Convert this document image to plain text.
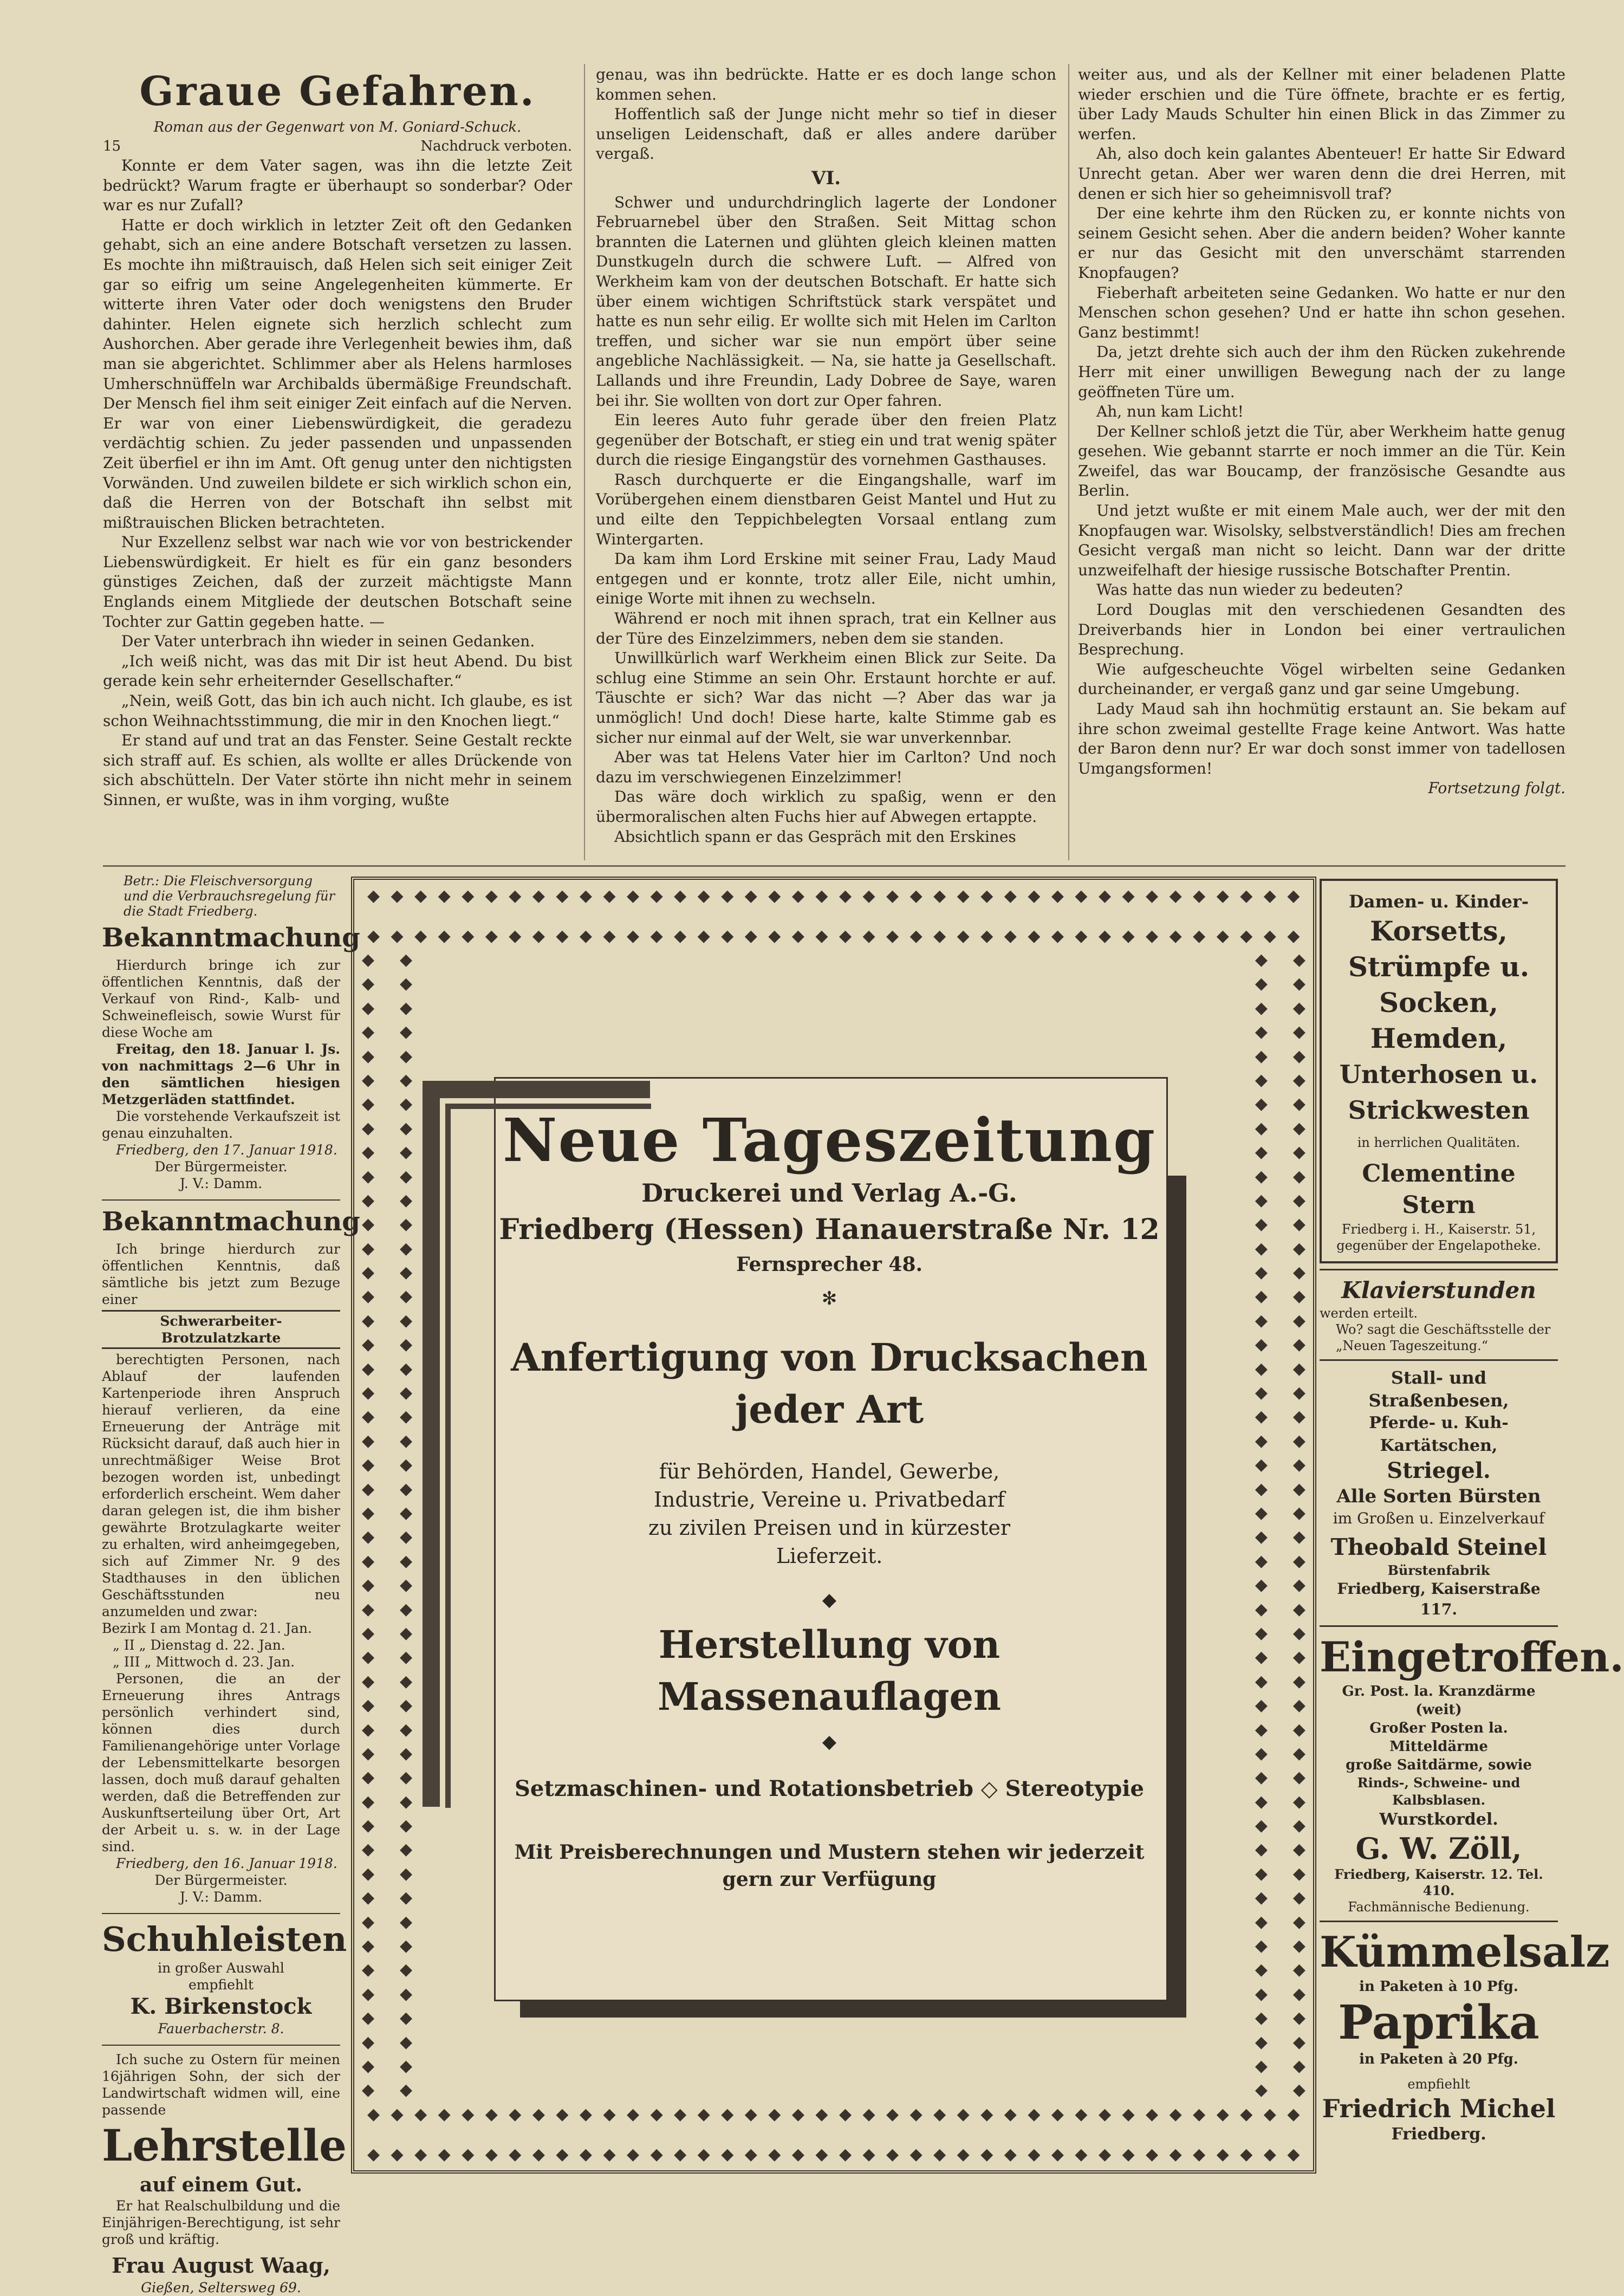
Graue Gefahren.
Roman aus der Gegenwart von M. Goniard-Schuck.
15	Nachdruck verboten.

Konnte er dem Vater sagen, was ihn die letzte Zeit bedrückt? Warum fragte er überhaupt so sonderbar? Oder war es nur Zufall?

Hatte er doch wirklich in letzter Zeit oft den Gedanken gehabt, sich an eine andere Botschaft versetzen zu lassen. Es mochte ihn mißtrauisch, daß Helen sich seit einiger Zeit gar so eifrig um seine Angelegenheiten kümmerte. Er witterte ihren Vater oder doch wenigstens den Bruder dahinter. Helen eignete sich herzlich schlecht zum Aushorchen. Aber gerade ihre Verlegenheit bewies ihm, daß man sie abgerichtet. Schlimmer aber als Helens harmloses Umherschnüffeln war Archibalds übermäßige Freundschaft. Der Mensch fiel ihm seit einiger Zeit einfach auf die Nerven. Er war von einer Liebenswürdigkeit, die geradezu verdächtig schien. Zu jeder passenden und unpassenden Zeit überfiel er ihn im Amt. Oft genug unter den nichtigsten Vorwänden. Und zuweilen bildete er sich wirklich schon ein, daß die Herren von der Botschaft ihn selbst mit mißtrauischen Blicken betrachteten.

Nur Exzellenz selbst war nach wie vor von bestrickender Liebenswürdigkeit. Er hielt es für ein ganz besonders günstiges Zeichen, daß der zurzeit mächtigste Mann Englands einem Mitgliede der deutschen Botschaft seine Tochter zur Gattin gegeben hatte. —

Der Vater unterbrach ihn wieder in seinen Gedanken.

„Ich weiß nicht, was das mit Dir ist heut Abend. Du bist gerade kein sehr erheiternder Gesellschafter.“

„Nein, weiß Gott, das bin ich auch nicht. Ich glaube, es ist schon Weihnachtsstimmung, die mir in den Knochen liegt.“

Er stand auf und trat an das Fenster. Seine Gestalt reckte sich straff auf. Es schien, als wollte er alles Drückende von sich abschütteln. Der Vater störte ihn nicht mehr in seinem Sinnen, er wußte, was in ihm vorging, wußte

genau, was ihn bedrückte. Hatte er es doch lange schon kommen sehen.

Hoffentlich saß der Junge nicht mehr so tief in dieser unseligen Leidenschaft, daß er alles andere darüber vergaß.

VI.

Schwer und undurchdringlich lagerte der Londoner Februarnebel über den Straßen. Seit Mittag schon brannten die Laternen und glühten gleich kleinen matten Dunstkugeln durch die schwere Luft. — Alfred von Werkheim kam von der deutschen Botschaft. Er hatte sich über einem wichtigen Schriftstück stark verspätet und hatte es nun sehr eilig. Er wollte sich mit Helen im Carlton treffen, und sicher war sie nun empört über seine angebliche Nachlässigkeit. — Na, sie hatte ja Gesellschaft. Lallands und ihre Freundin, Lady Dobree de Saye, waren bei ihr. Sie wollten von dort zur Oper fahren.

Ein leeres Auto fuhr gerade über den freien Platz gegenüber der Botschaft, er stieg ein und trat wenig später durch die riesige Eingangstür des vornehmen Gasthauses.

Rasch durchquerte er die Eingangshalle, warf im Vorübergehen einem dienstbaren Geist Mantel und Hut zu und eilte den Teppichbelegten Vorsaal entlang zum Wintergarten.

Da kam ihm Lord Erskine mit seiner Frau, Lady Maud entgegen und er konnte, trotz aller Eile, nicht umhin, einige Worte mit ihnen zu wechseln.

Während er noch mit ihnen sprach, trat ein Kellner aus der Türe des Einzelzimmers, neben dem sie standen.

Unwillkürlich warf Werkheim einen Blick zur Seite. Da schlug eine Stimme an sein Ohr. Erstaunt horchte er auf. Täuschte er sich? War das nicht —? Aber das war ja unmöglich! Und doch! Diese harte, kalte Stimme gab es sicher nur einmal auf der Welt, sie war unverkennbar.

Aber was tat Helens Vater hier im Carlton? Und noch dazu im verschwiegenen Einzelzimmer!

Das wäre doch wirklich zu spaßig, wenn er den übermoralischen alten Fuchs hier auf Abwegen ertappte.

Absichtlich spann er das Gespräch mit den Erskines

weiter aus, und als der Kellner mit einer beladenen Platte wieder erschien und die Türe öffnete, brachte er es fertig, über Lady Mauds Schulter hin einen Blick in das Zimmer zu werfen.

Ah, also doch kein galantes Abenteuer! Er hatte Sir Edward Unrecht getan. Aber wer waren denn die drei Herren, mit denen er sich hier so geheimnisvoll traf?

Der eine kehrte ihm den Rücken zu, er konnte nichts von seinem Gesicht sehen. Aber die andern beiden? Woher kannte er nur das Gesicht mit den unverschämt starrenden Knopfaugen?

Fieberhaft arbeiteten seine Gedanken. Wo hatte er nur den Menschen schon gesehen? Und er hatte ihn schon gesehen. Ganz bestimmt!

Da, jetzt drehte sich auch der ihm den Rücken zukehrende Herr mit einer unwilligen Bewegung nach der zu lange geöffneten Türe um.

Ah, nun kam Licht!

Der Kellner schloß jetzt die Tür, aber Werkheim hatte genug gesehen. Wie gebannt starrte er noch immer an die Tür. Kein Zweifel, das war Boucamp, der französische Gesandte aus Berlin.

Und jetzt wußte er mit einem Male auch, wer der mit den Knopfaugen war. Wisolsky, selbstverständlich! Dies am frechen Gesicht vergaß man nicht so leicht. Dann war der dritte unzweifelhaft der hiesige russische Botschafter Prentin.

Was hatte das nun wieder zu bedeuten?

Lord Douglas mit den verschiedenen Gesandten des Dreiverbands hier in London bei einer vertraulichen Besprechung.

Wie aufgescheuchte Vögel wirbelten seine Gedanken durcheinander, er vergaß ganz und gar seine Umgebung.

Lady Maud sah ihn hochmütig erstaunt an. Sie bekam auf ihre schon zweimal gestellte Frage keine Antwort. Was hatte der Baron denn nur? Er war doch sonst immer von tadellosen Umgangsformen!

Fortsetzung folgt.

Betr.: Die Fleischversorgung und die Verbrauchsregelung für die Stadt Friedberg.

Bekanntmachung

Hierdurch bringe ich zur öffentlichen Kenntnis, daß der Verkauf von Rind-, Kalb- und Schweinefleisch, sowie Wurst für diese Woche am

Freitag, den 18. Januar l. Js. von nachmittags 2—6 Uhr in den sämtlichen hiesigen Metzgerläden stattfindet.

Die vorstehende Verkaufszeit ist genau einzuhalten.

Friedberg, den 17. Januar 1918.

Der Bürgermeister.

J. V.: Damm.

Bekanntmachung

Ich bringe hierdurch zur öffentlichen Kenntnis, daß sämtliche bis jetzt zum Bezuge einer

Schwerarbeiter-Brotzulatzkarte

berechtigten Personen, nach Ablauf der laufenden Kartenperiode ihren Anspruch hierauf verlieren, da eine Erneuerung der Anträge mit Rücksicht darauf, daß auch hier in unrechtmäßiger Weise Brot bezogen worden ist, unbedingt erforderlich erscheint. Wem daher daran gelegen ist, die ihm bisher gewährte Brotzulagkarte weiter zu erhalten, wird anheimgegeben, sich auf Zimmer Nr. 9 des Stadthauses in den üblichen Geschäftsstunden neu anzumelden und zwar:

Bezirk I am Montag d. 21. Jan.

„ II „ Dienstag d. 22. Jan.

„ III „ Mittwoch d. 23. Jan.

Personen, die an der Erneuerung ihres Antrags persönlich verhindert sind, können dies durch Familienangehörige unter Vorlage der Lebensmittelkarte besorgen lassen, doch muß darauf gehalten werden, daß die Betreffenden zur Auskunftserteilung über Ort, Art der Arbeit u. s. w. in der Lage sind.

Friedberg, den 16. Januar 1918.

Der Bürgermeister.

J. V.: Damm.

Schuhleisten

in großer Auswahl

empfiehlt

K. Birkenstock

Fauerbacherstr. 8.

Ich suche zu Ostern für meinen 16jährigen Sohn, der sich der Landwirtschaft widmen will, eine passende

Lehrstelle

auf einem Gut.

Er hat Realschulbildung und die Einjährigen-Berechtigung, ist sehr groß und kräftig.

Frau August Waag,

Gießen, Seltersweg 69.

◆ ◆ ◆ ◆ ◆ ◆ ◆ ◆ ◆ ◆ ◆ ◆ ◆ ◆ ◆ ◆ ◆ ◆ ◆ ◆ ◆ ◆ ◆ ◆ ◆ ◆ ◆ ◆ ◆ ◆ ◆ ◆ ◆ ◆ ◆ ◆ ◆ ◆ ◆ ◆
◆ ◆ ◆ ◆ ◆ ◆ ◆ ◆ ◆ ◆ ◆ ◆ ◆ ◆ ◆ ◆ ◆ ◆ ◆ ◆ ◆ ◆ ◆ ◆ ◆ ◆ ◆ ◆ ◆ ◆ ◆ ◆ ◆ ◆ ◆ ◆ ◆ ◆ ◆ ◆
◆ ◆ ◆ ◆ ◆ ◆ ◆ ◆ ◆ ◆ ◆ ◆ ◆ ◆ ◆ ◆ ◆ ◆ ◆ ◆ ◆ ◆ ◆ ◆ ◆ ◆ ◆ ◆ ◆ ◆ ◆ ◆ ◆ ◆ ◆ ◆ ◆ ◆ ◆ ◆
◆ ◆ ◆ ◆ ◆ ◆ ◆ ◆ ◆ ◆ ◆ ◆ ◆ ◆ ◆ ◆ ◆ ◆ ◆ ◆ ◆ ◆ ◆ ◆ ◆ ◆ ◆ ◆ ◆ ◆ ◆ ◆ ◆ ◆ ◆ ◆ ◆ ◆ ◆ ◆
◆
◆
◆
◆
◆
◆
◆
◆
◆
◆
◆
◆
◆
◆
◆
◆
◆
◆
◆
◆
◆
◆
◆
◆
◆
◆
◆
◆
◆
◆
◆
◆
◆
◆
◆
◆
◆
◆
◆
◆
◆
◆
◆
◆
◆
◆
◆
◆
◆
◆
◆
◆
◆
◆
◆
◆
◆
◆
◆
◆
◆
◆
◆
◆
◆
◆
◆
◆
◆
◆
◆
◆
◆
◆
◆
◆
◆
◆
◆
◆
◆
◆
◆
◆
◆
◆
◆
◆
◆
◆
◆
◆
◆
◆
◆
◆
◆
◆
◆
◆
◆
◆
◆
◆
◆
◆
◆
◆
◆
◆
◆
◆
◆
◆
◆
◆
◆
◆
◆
◆
◆
◆
◆
◆
◆
◆
◆
◆
◆
◆
◆
◆
◆
◆
◆
◆
◆
◆
◆
◆
◆
◆
◆
◆
◆
◆
◆
◆
◆
◆
◆
◆
◆
◆
◆
◆
◆
◆
◆
◆
◆
◆
◆
◆
◆
◆
◆
◆
◆
◆
◆
◆
◆
◆
◆
◆
◆
◆
◆
◆
◆
◆
◆
◆
◆
◆
◆
◆
◆
◆
◆
◆
Neue Tageszeitung
Druckerei und Verlag A.-G.
Friedberg (Hessen) Hanauerstraße Nr. 12
Fernsprecher 48.
✻
Anfertigung von Drucksachen jeder Art
für Behörden, Handel, Gewerbe,
Industrie, Vereine u. Privatbedarf
zu zivilen Preisen und in kürzester
Lieferzeit.
◆
Herstellung von Massenauflagen
◆
Setzmaschinen- und Rotationsbetrieb ◇ Stereotypie
Mit Preisberechnungen und Mustern stehen wir jederzeit
gern zur Verfügung

Damen- u. Kinder-

Korsetts,

Strümpfe u.

Socken,

Hemden,

Unterhosen u.

Strickwesten

in herrlichen Qualitäten.

Clementine Stern

Friedberg i. H., Kaiserstr. 51,

gegenüber der Engelapotheke.

Klavierstunden

werden erteilt.

Wo? sagt die Geschäftsstelle der „Neuen Tageszeitung.“

Stall- und Straßenbesen,

Pferde- u. Kuh-Kartätschen,

Striegel.

Alle Sorten Bürsten

im Großen u. Einzelverkauf

Theobald Steinel

Bürstenfabrik

Friedberg, Kaiserstraße 117.

Eingetroffen.

Gr. Post. la. Kranzdärme (weit)

Großer Posten la. Mitteldärme

große Saitdärme, sowie

Rinds-, Schweine- und Kalbsblasen.

Wurstkordel.

G. W. Zöll,

Friedberg, Kaiserstr. 12. Tel. 410.

Fachmännische Bedienung.

Kümmelsalz

in Paketen à 10 Pfg.

Paprika

in Paketen à 20 Pfg.

empfiehlt

Friedrich Michel

Friedberg.
